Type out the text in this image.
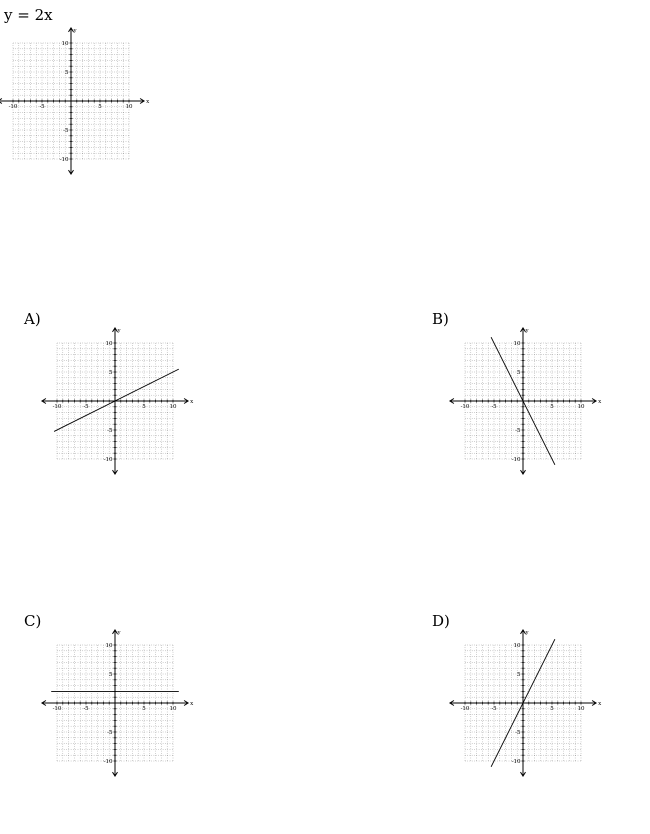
y = 2x
-10	-5	5	10
10
5
-5
-10
x
y
A)
-10	-5	5	10
10
5
-5
-10
x
y
B)
-10	-5	5	10
10
5
-5
-10
x
y
C)
-10	-5	5	10
10
5
-5
-10
x
y
D)
-10	-5	5	10
10
5
-5
-10
x
y
